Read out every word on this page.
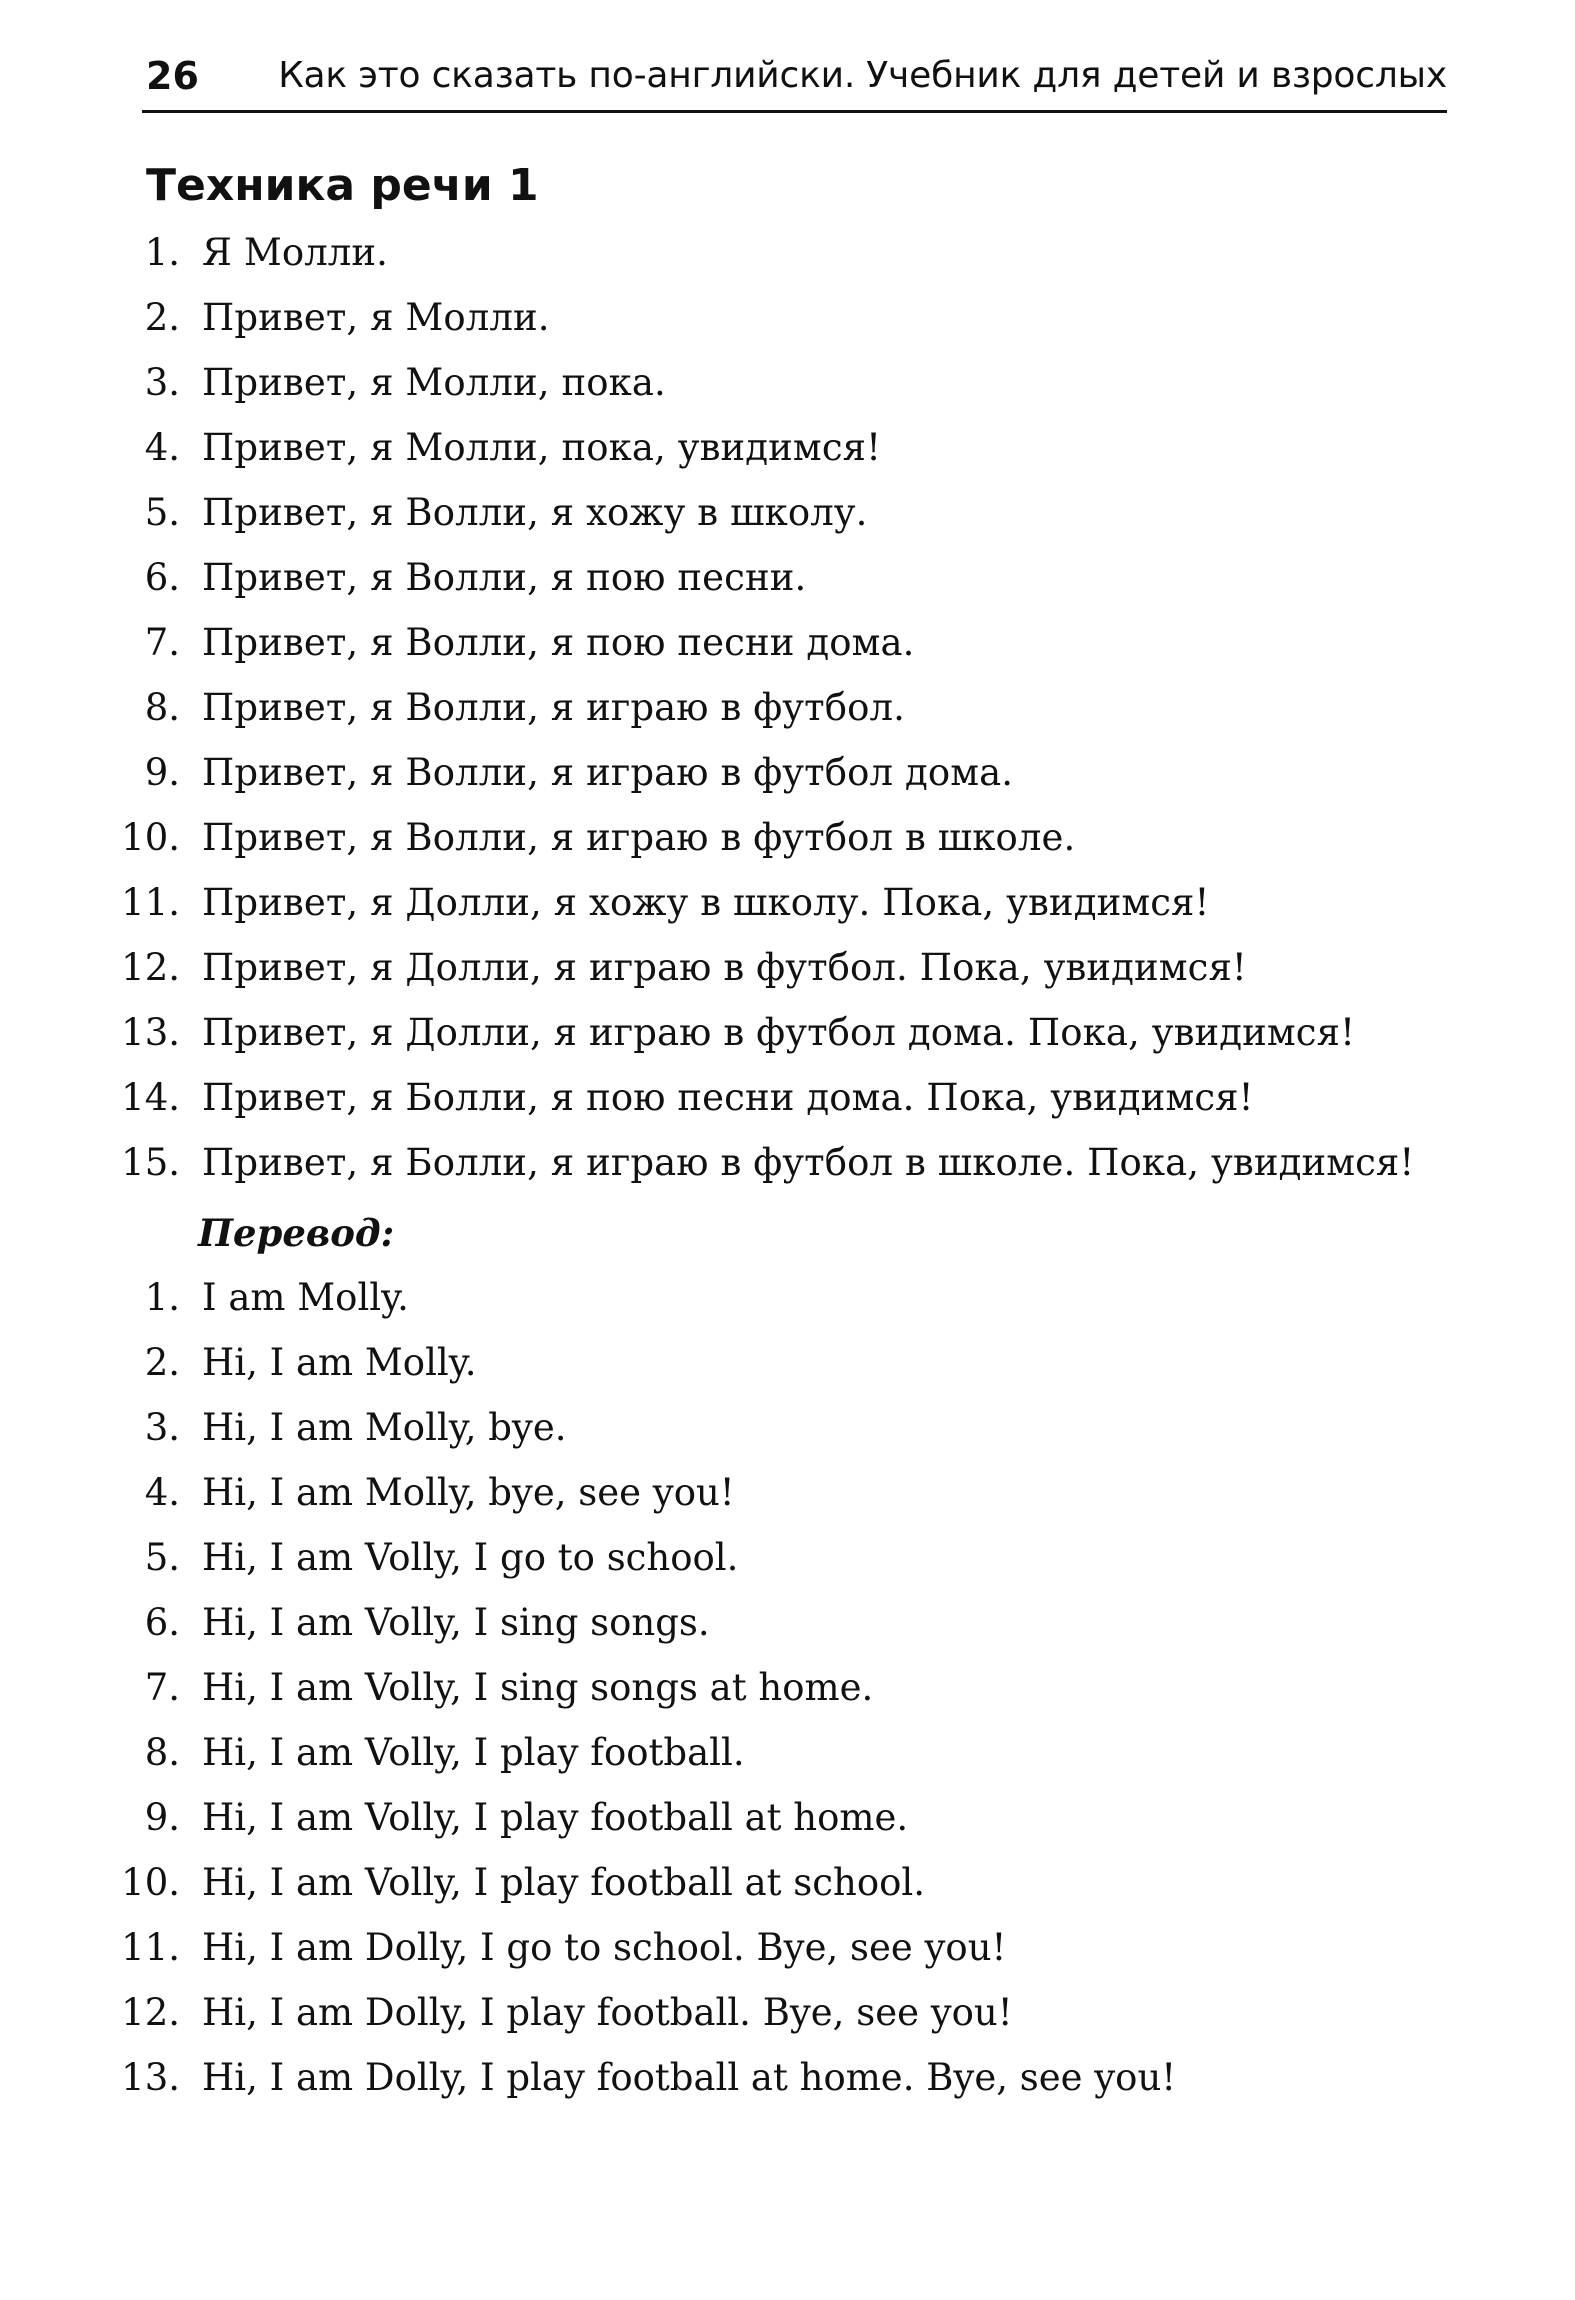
26 Как это сказать по-английски. Учебник для детей и взрослых
Техника речи 1
1. Я Молли.
2. Привет, я Молли.
3. Привет, я Молли, пока.
4. Привет, я Молли, пока, увидимся!
5. Привет, я Волли, я хожу в школу.
6. Привет, я Волли, я пою песни.
7. Привет, я Волли, я пою песни дома.
8. Привет, я Волли, я играю в футбол.
9. Привет, я Волли, я играю в футбол дома.
10. Привет, я Волли, я играю в футбол в школе.
11. Привет, я Долли, я хожу в школу. Пока, увидимся!
12. Привет, я Долли, я играю в футбол. Пока, увидимся!
13. Привет, я Долли, я играю в футбол дома. Пока, увидимся!
14. Привет, я Болли, я пою песни дома. Пока, увидимся!
15. Привет, я Болли, я играю в футбол в школе. Пока, увидимся!
Перевод:
1. I am Molly.
2. Hi, I am Molly.
3. Hi, I am Molly, bye.
4. Hi, I am Molly, bye, see you!
5. Hi, I am Volly, I go to school.
6. Hi, I am Volly, I sing songs.
7. Hi, I am Volly, I sing songs at home.
8. Hi, I am Volly, I play football.
9. Hi, I am Volly, I play football at home.
10. Hi, I am Volly, I play football at school.
11. Hi, I am Dolly, I go to school. Bye, see you!
12. Hi, I am Dolly, I play football. Bye, see you!
13. Hi, I am Dolly, I play football at home. Bye, see you!
